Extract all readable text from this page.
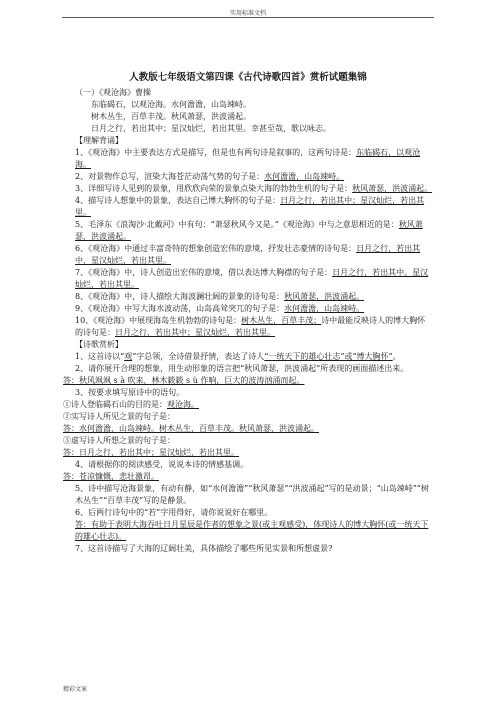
实用标准文档
人教版七年级语文第四课《古代诗歌四首》赏析试题集锦

（一）《观沧海》曹操

东临碣石，以观沧海。水何澹澹，山岛竦峙。

树木丛生，百草丰茂。秋风萧瑟，洪波涌起。

日月之行，若出其中；星汉灿烂，若出其里。幸甚至哉，歌以咏志。

【理解背诵】

1、《观沧海》中主要表达方式是描写，但是也有两句诗是叙事的，这两句诗是：东临碣石，以观沧海。

2、对景物作总写，渲染大海苍茫动荡气势的句子是：水何澹澹，山岛竦峙。

3、详细写诗人见到的景象，用欣欣向荣的景象点染大海的勃勃生机的句子是：秋风萧瑟，洪波涌起。

4、描写诗人想象中的景象，表达自己博大胸怀的句子是：日月之行，若出其中；星汉灿烂，若出其里。

5、毛泽东《浪淘沙·北戴河》中有句：“萧瑟秋风今又是。”《观沧海》中与之意思相近的是：秋风萧瑟，洪波涌起。

6、《观沧海》中通过丰富奇特的想象创造宏伟的意境，抒发壮志豪情的诗句是：日月之行，若出其中，星汉灿烂，若出其里。

7、《观沧海》中，诗人创造出宏伟的意境，借以表达博大胸襟的句子是：日月之行，若出其中。星汉灿烂，若出其里。

8、《观沧海》中，诗人描绘大海波澜壮阔的景象的诗句是：秋风萧瑟，洪波涌起。

9、《观沧海》中写大海水波动荡，山岛高耸突兀的句子是：水何澹澹，山岛竦峙。

10、《观沧海》中展现海岛生机勃勃的诗句是：树木丛生，百草丰茂；诗中最能反映诗人的博大胸怀的诗句是：日月之行，若出其中；星汉灿烂，若出其里。

【诗歌赏析】

1、这首诗以“观”字总领，全诗借景抒情，表达了诗人“一统天下的雄心壮志”或“博大胸怀”。

2、请你展开合理的想象，用生动形象的语言把“秋风萧瑟，洪波涌起”所表现的画面描述出来。

答：秋风飒飒 s à 吹来，林木簌簌 s ù 作响，巨大的波涛汹涌而起。

3、按要求填写原诗中的语句。

①诗人登临碣石山的目的是：观沧海。

②实写诗人所见之景的句子是：

答：水何澹澹，山岛竦峙。树木丛生，百草丰茂。秋风萧瑟，洪波涌起。

③虚写诗人所想之景的句子是：

答：日月之行，若出其中；星汉灿烂，若出其里。

4、请根据你的阅读感受，说说本诗的情感基调。

答：苍凉慷慨，悲壮激昂。

5、诗中描写沧海景象，有动有静，如“水何澹澹”“秋风萧瑟”“洪波涌起”写的是动景；“山岛竦峙”“树木丛生”“百草丰茂”写的是静景。

6、后两行诗句中的“若”字用得好，请你说说好在哪里。

答：有助于表明大海吞吐日月星辰是作者的想象之景(或主观感受)，体现诗人的博大胸怀(或一统天下的雄心壮志)。

7、这首诗描写了大海的辽阔壮美，具体描绘了哪些所见实景和所想虚景?

精彩文案
